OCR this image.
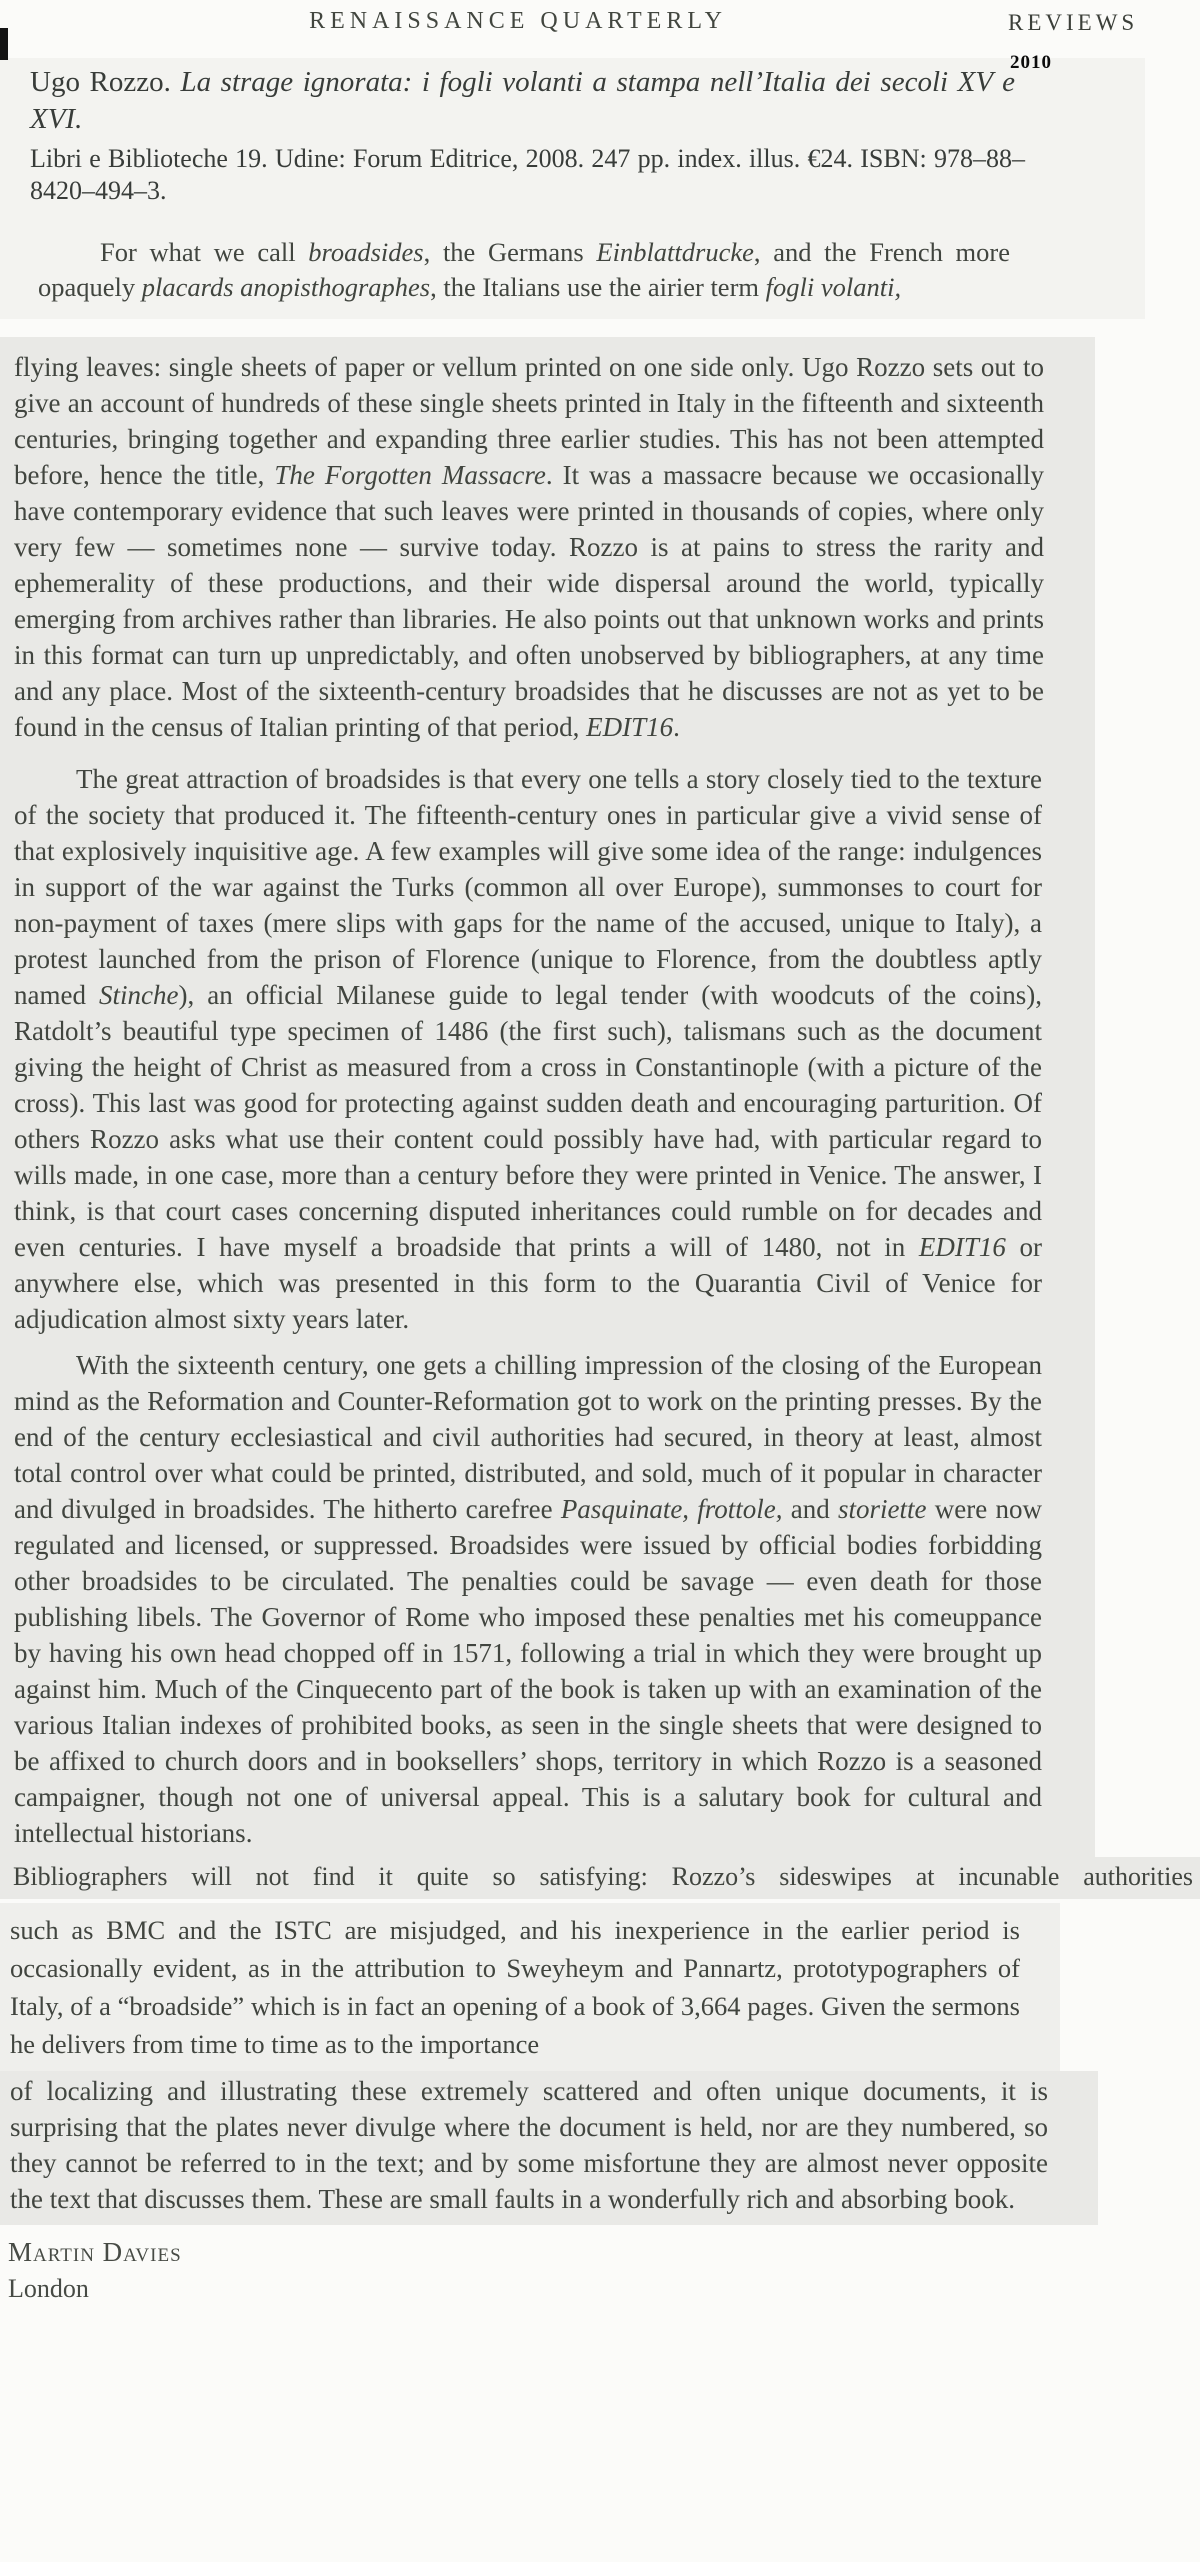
RENAISSANCE QUARTERLY	REVIEWS
2010

Ugo Rozzo. La strage ignorata: i fogli volanti a stampa nell’Italia dei secoli XV e XVI.

Libri e Biblioteche 19. Udine: Forum Editrice, 2008. 247 pp. index. illus. €24. ISBN: 978–88–8420–494–3.

For what we call broadsides, the Germans Einblattdrucke, and the French more opaquely placards anopisthographes, the Italians use the airier term fogli volanti,

flying leaves: single sheets of paper or vellum printed on one side only. Ugo Rozzo sets out to give an account of hundreds of these single sheets printed in Italy in the fifteenth and sixteenth centuries, bringing together and expanding three earlier studies. This has not been attempted before, hence the title, The Forgotten Massacre. It was a massacre because we occasionally have contemporary evidence that such leaves were printed in thousands of copies, where only very few — sometimes none — survive today. Rozzo is at pains to stress the rarity and ephemerality of these productions, and their wide dispersal around the world, typically emerging from archives rather than libraries. He also points out that unknown works and prints in this format can turn up unpredictably, and often unobserved by bibliographers, at any time and any place. Most of the sixteenth-century broadsides that he discusses are not as yet to be found in the census of Italian printing of that period, EDIT16.

The great attraction of broadsides is that every one tells a story closely tied to the texture of the society that produced it. The fifteenth-century ones in particular give a vivid sense of that explosively inquisitive age. A few examples will give some idea of the range: indulgences in support of the war against the Turks (common all over Europe), summonses to court for non-payment of taxes (mere slips with gaps for the name of the accused, unique to Italy), a protest launched from the prison of Florence (unique to Florence, from the doubtless aptly named Stinche), an official Milanese guide to legal tender (with woodcuts of the coins), Ratdolt’s beautiful type specimen of 1486 (the first such), talismans such as the document giving the height of Christ as measured from a cross in Constantinople (with a picture of the cross). This last was good for protecting against sudden death and encouraging parturition. Of others Rozzo asks what use their content could possibly have had, with particular regard to wills made, in one case, more than a century before they were printed in Venice. The answer, I think, is that court cases concerning disputed inheritances could rumble on for decades and even centuries. I have myself a broadside that prints a will of 1480, not in EDIT16 or anywhere else, which was presented in this form to the Quarantia Civil of Venice for adjudication almost sixty years later.

With the sixteenth century, one gets a chilling impression of the closing of the European mind as the Reformation and Counter-Reformation got to work on the printing presses. By the end of the century ecclesiastical and civil authorities had secured, in theory at least, almost total control over what could be printed, distributed, and sold, much of it popular in character and divulged in broadsides. The hitherto carefree Pasquinate, frottole, and storiette were now regulated and licensed, or suppressed. Broadsides were issued by official bodies forbidding other broadsides to be circulated. The penalties could be savage — even death for those publishing libels. The Governor of Rome who imposed these penalties met his comeuppance by having his own head chopped off in 1571, following a trial in which they were brought up against him. Much of the Cinquecento part of the book is taken up with an examination of the various Italian indexes of prohibited books, as seen in the single sheets that were designed to be affixed to church doors and in booksellers’ shops, territory in which Rozzo is a seasoned campaigner, though not one of universal appeal. This is a salutary book for cultural and intellectual historians.

Bibliographers will not find it quite so satisfying: Rozzo’s sideswipes at incunable authorities

such as BMC and the ISTC are misjudged, and his inexperience in the earlier period is occasionally evident, as in the attribution to Sweyheym and Pannartz, prototypographers of Italy, of a “broadside” which is in fact an opening of a book of 3,664 pages. Given the sermons he delivers from time to time as to the importance

of localizing and illustrating these extremely scattered and often unique documents, it is surprising that the plates never divulge where the document is held, nor are they numbered, so they cannot be referred to in the text; and by some misfortune they are almost never opposite the text that discusses them. These are small faults in a wonderfully rich and absorbing book.

Martin Davies
London
